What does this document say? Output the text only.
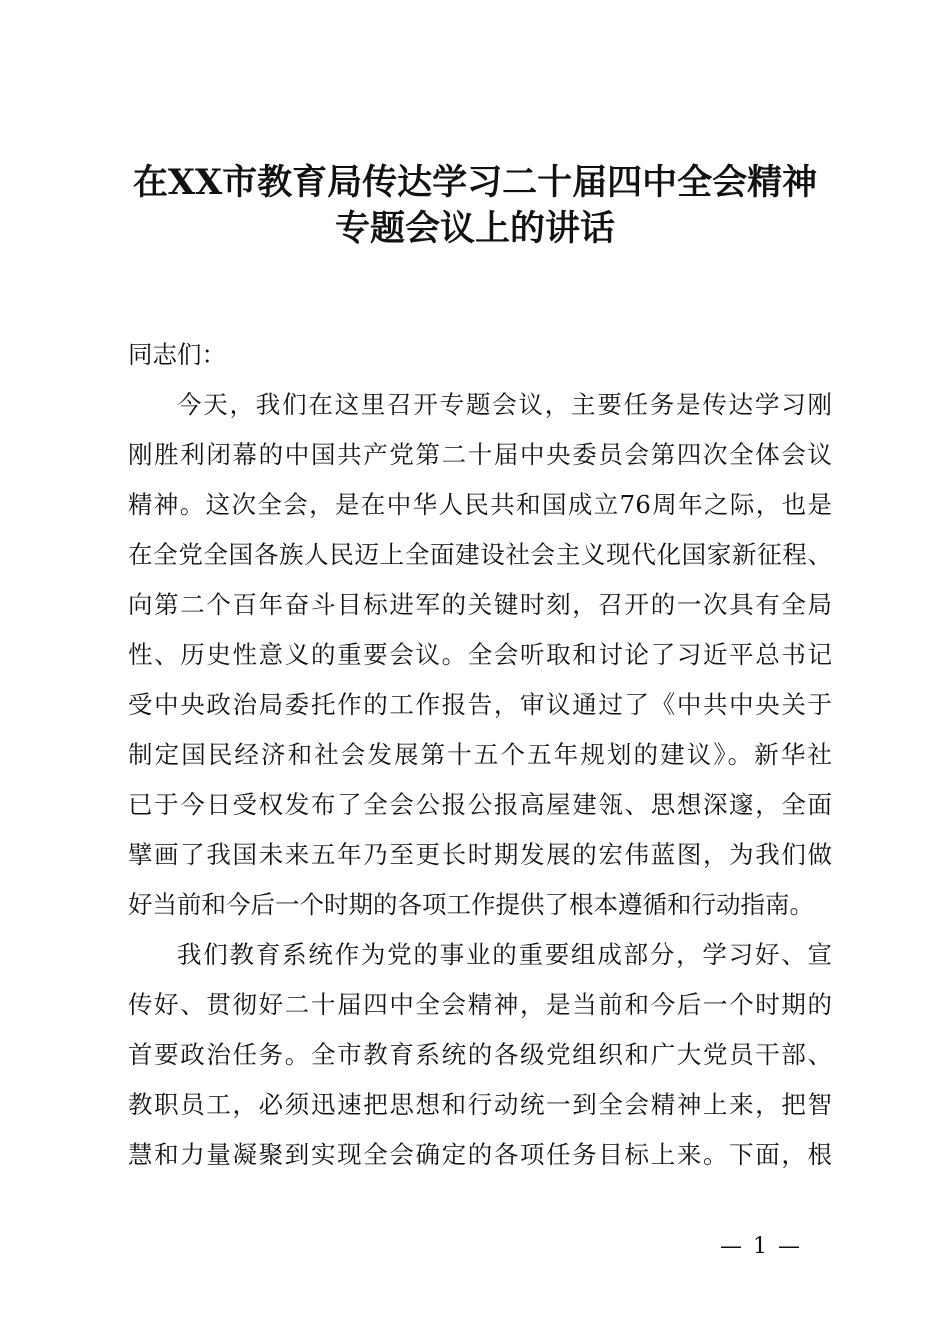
在XX市教育局传达学习二十届四中全会精神
专题会议上的讲话
同志们：
今天，我们在这里召开专题会议，主要任务是传达学习刚
刚胜利闭幕的中国共产党第二十届中央委员会第四次全体会议
精神。这次全会，是在中华人民共和国成立76周年之际，也是
在全党全国各族人民迈上全面建设社会主义现代化国家新征程、
向第二个百年奋斗目标进军的关键时刻，召开的一次具有全局
性、历史性意义的重要会议。全会听取和讨论了习近平总书记
受中央政治局委托作的工作报告，审议通过了《中共中央关于
制定国民经济和社会发展第十五个五年规划的建议》。新华社
已于今日受权发布了全会公报公报高屋建瓴、思想深邃，全面
擘画了我国未来五年乃至更长时期发展的宏伟蓝图，为我们做
好当前和今后一个时期的各项工作提供了根本遵循和行动指南。
我们教育系统作为党的事业的重要组成部分，学习好、宣
传好、贯彻好二十届四中全会精神，是当前和今后一个时期的
首要政治任务。全市教育系统的各级党组织和广大党员干部、
教职员工，必须迅速把思想和行动统一到全会精神上来，把智
慧和力量凝聚到实现全会确定的各项任务目标上来。下面，根
— 1 —
